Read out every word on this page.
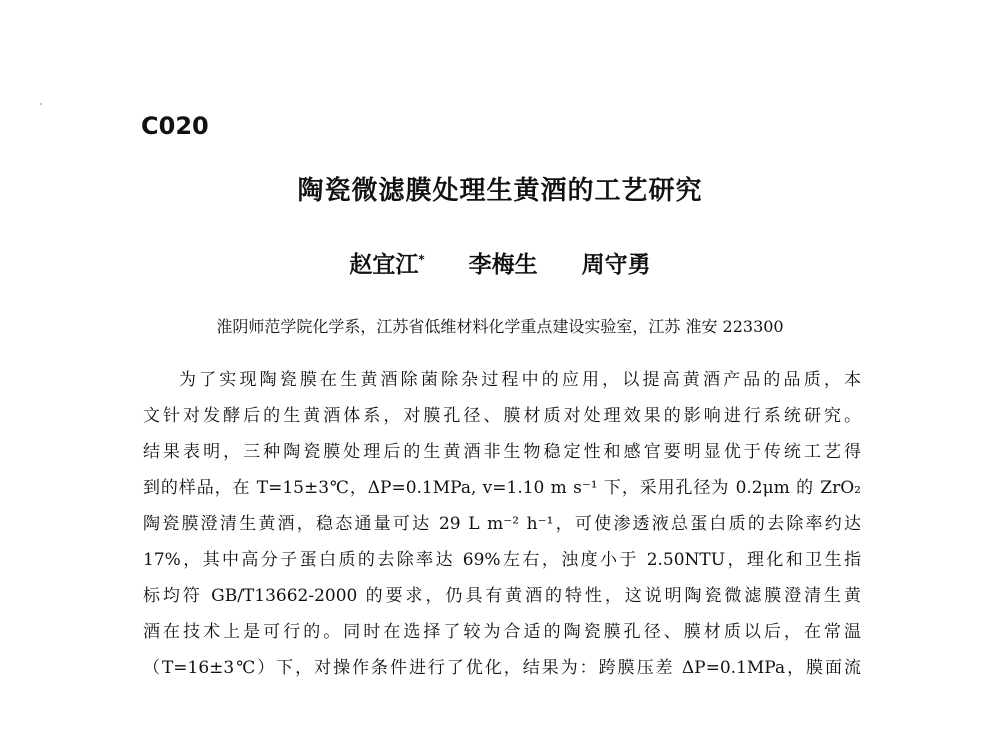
C020
陶瓷微滤膜处理生黄酒的工艺研究
赵宜江* 李梅生 周守勇
淮阴师范学院化学系，江苏省低维材料化学重点建设实验室，江苏 淮安 223300
为了实现陶瓷膜在生黄酒除菌除杂过程中的应用，以提高黄酒产品的品质，本
文针对发酵后的生黄酒体系，对膜孔径、膜材质对处理效果的影响进行系统研究。
结果表明，三种陶瓷膜处理后的生黄酒非生物稳定性和感官要明显优于传统工艺得
到的样品，在 T=15±3℃，ΔP=0.1MPa, v=1.10 m s⁻¹ 下，采用孔径为 0.2μm 的 ZrO₂
陶瓷膜澄清生黄酒，稳态通量可达 29 L m⁻² h⁻¹，可使渗透液总蛋白质的去除率约达
17%，其中高分子蛋白质的去除率达 69%左右，浊度小于 2.50NTU，理化和卫生指
标均符 GB/T13662-2000 的要求，仍具有黄酒的特性，这说明陶瓷微滤膜澄清生黄
酒在技术上是可行的。同时在选择了较为合适的陶瓷膜孔径、膜材质以后，在常温
（T=16±3℃）下，对操作条件进行了优化，结果为：跨膜压差 ΔP=0.1MPa，膜面流
